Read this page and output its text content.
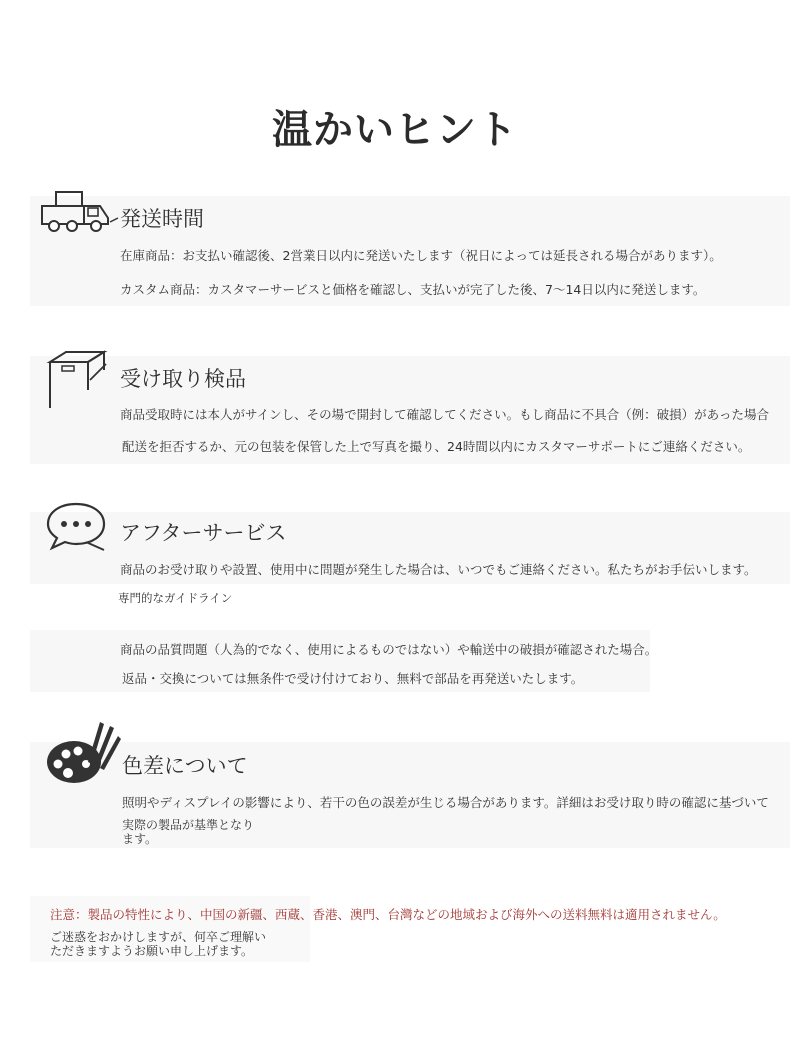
温かいヒント
発送時間
在庫商品：お支払い確認後、2営業日以内に発送いたします（祝日によっては延長される場合があります）。
カスタム商品：カスタマーサービスと価格を確認し、支払いが完了した後、7〜14日以内に発送します。
受け取り検品
商品受取時には本人がサインし、その場で開封して確認してください。もし商品に不具合（例：破損）があった場合
配送を拒否するか、元の包装を保管した上で写真を撮り、24時間以内にカスタマーサポートにご連絡ください。
アフターサービス
商品のお受け取りや設置、使用中に問題が発生した場合は、いつでもご連絡ください。私たちがお手伝いします。
専門的なガイドライン
商品の品質問題（人為的でなく、使用によるものではない）や輸送中の破損が確認された場合。
返品・交換については無条件で受け付けており、無料で部品を再発送いたします。
色差について
照明やディスプレイの影響により、若干の色の誤差が生じる場合があります。詳細はお受け取り時の確認に基づいて
実際の製品が基準となります。
注意：製品の特性により、中国の新疆、西蔵、香港、澳門、台灣などの地域および海外への送料無料は適用されません。
ご迷惑をおかけしますが、何卒ご理解いただきますようお願い申し上げます。
